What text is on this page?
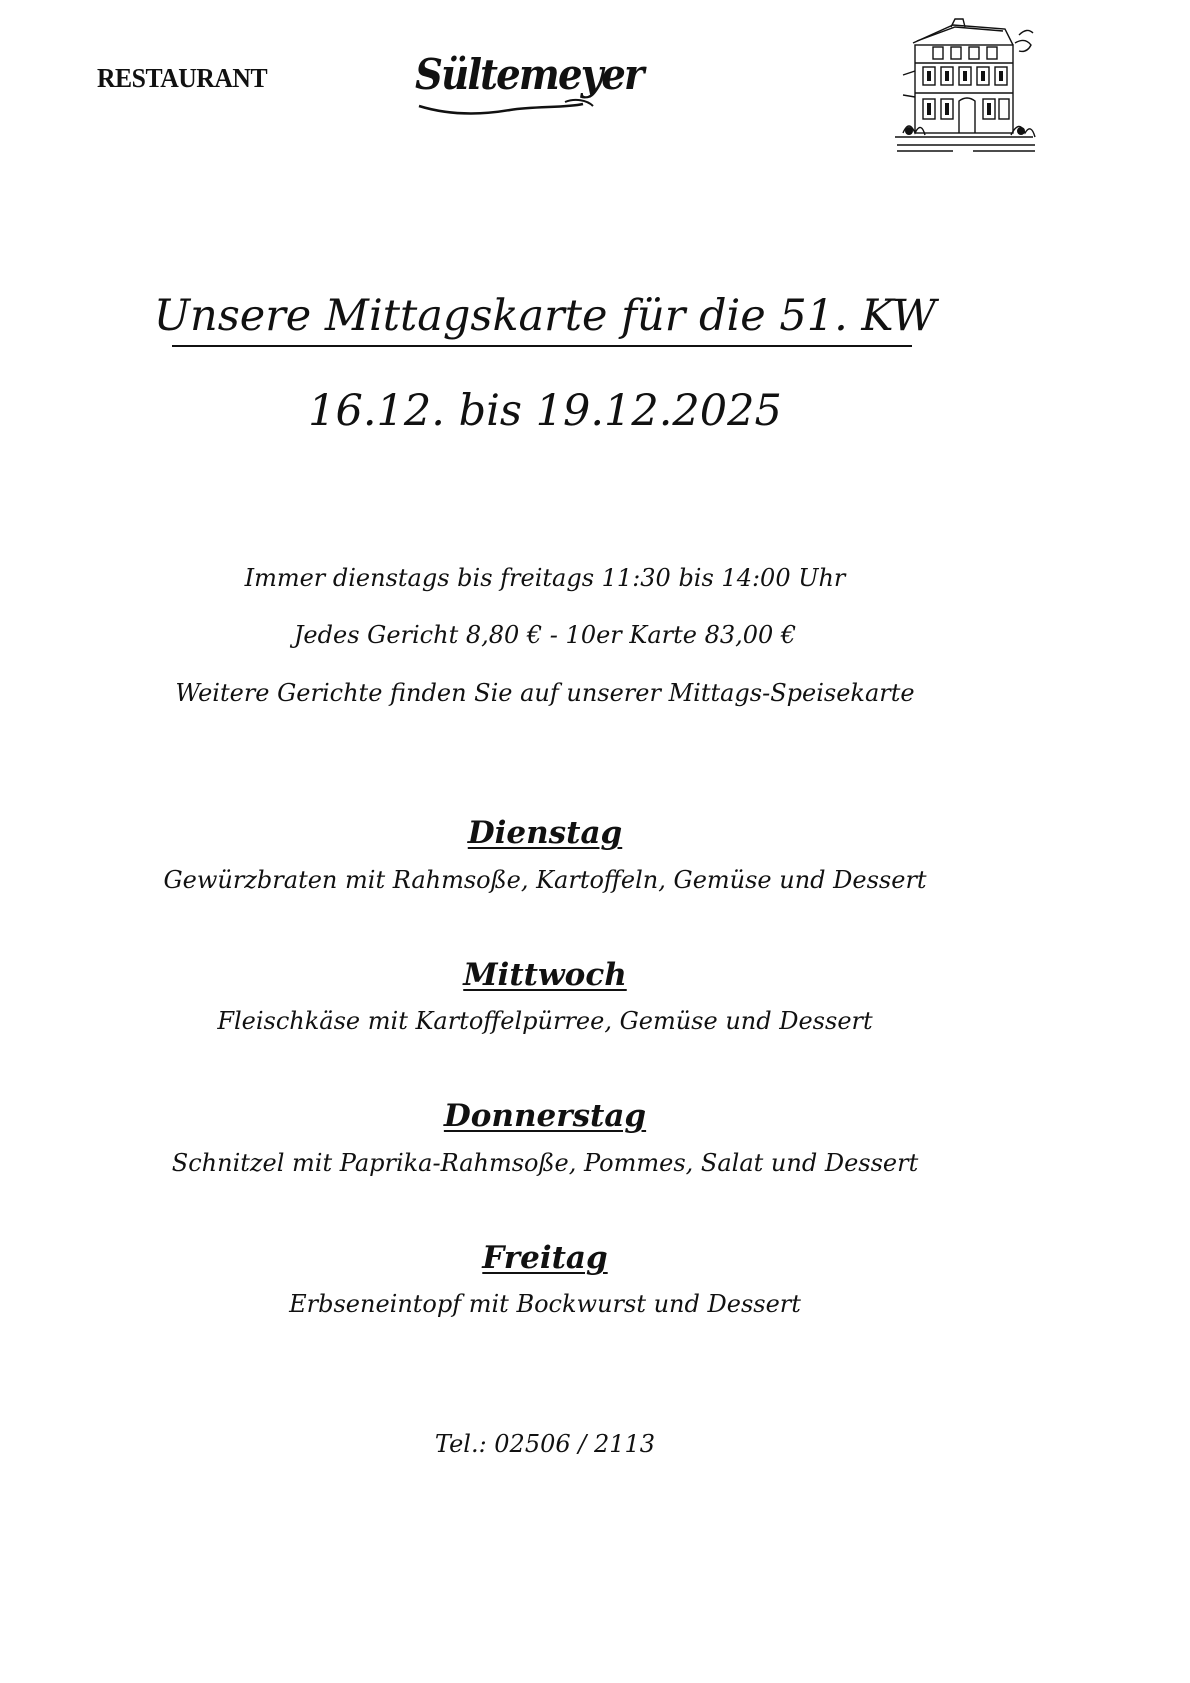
RESTAURANT	Sültemeyer
Unsere Mittagskarte für die 51. KW
16.12. bis 19.12.2025
Immer dienstags bis freitags 11:30 bis 14:00 Uhr
Jedes Gericht 8,80 € - 10er Karte 83,00 €
Weitere Gerichte finden Sie auf unserer Mittags-Speisekarte
Dienstag
Gewürzbraten mit Rahmsoße, Kartoffeln, Gemüse und Dessert
Mittwoch
Fleischkäse mit Kartoffelpürree, Gemüse und Dessert
Donnerstag
Schnitzel mit Paprika-Rahmsoße, Pommes, Salat und Dessert
Freitag
Erbseneintopf mit Bockwurst und Dessert
Tel.: 02506 / 2113
